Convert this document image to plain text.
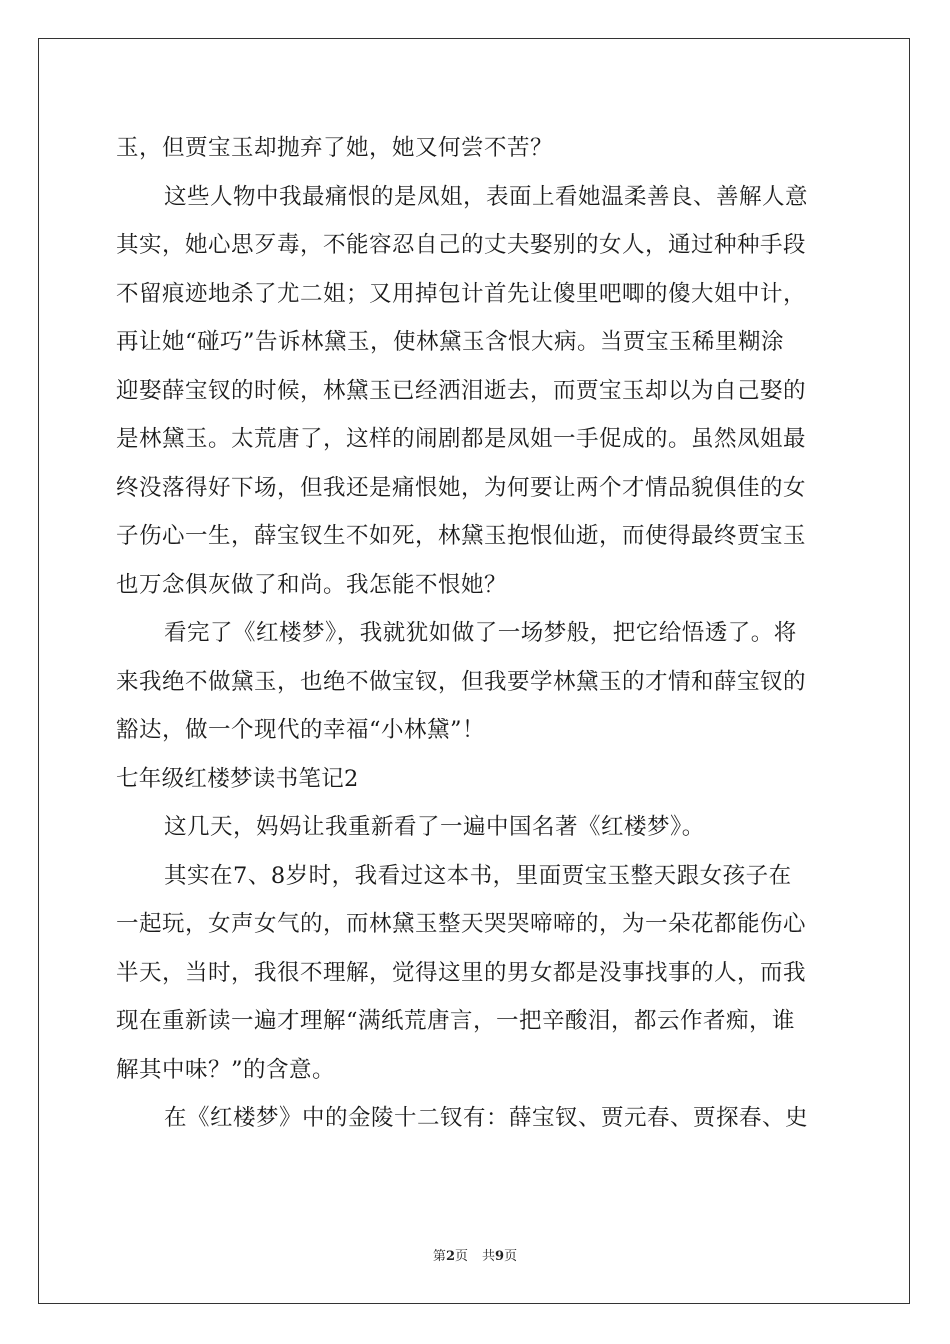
玉，但贾宝玉却抛弃了她，她又何尝不苦？
这些人物中我最痛恨的是凤姐，表面上看她温柔善良、善解人意
其实，她心思歹毒，不能容忍自己的丈夫娶别的女人，通过种种手段
不留痕迹地杀了尤二姐；又用掉包计首先让傻里吧唧的傻大姐中计，
再让她“碰巧”告诉林黛玉，使林黛玉含恨大病。当贾宝玉稀里糊涂
迎娶薛宝钗的时候，林黛玉已经洒泪逝去，而贾宝玉却以为自己娶的
是林黛玉。太荒唐了，这样的闹剧都是凤姐一手促成的。虽然凤姐最
终没落得好下场，但我还是痛恨她，为何要让两个才情品貌俱佳的女
子伤心一生，薛宝钗生不如死，林黛玉抱恨仙逝，而使得最终贾宝玉
也万念俱灰做了和尚。我怎能不恨她？
看完了《红楼梦》，我就犹如做了一场梦般，把它给悟透了。将
来我绝不做黛玉，也绝不做宝钗，但我要学林黛玉的才情和薛宝钗的
豁达，做一个现代的幸福“小林黛”！
七年级红楼梦读书笔记2
这几天，妈妈让我重新看了一遍中国名著《红楼梦》。
其实在7、8岁时，我看过这本书，里面贾宝玉整天跟女孩子在
一起玩，女声女气的，而林黛玉整天哭哭啼啼的，为一朵花都能伤心
半天，当时，我很不理解，觉得这里的男女都是没事找事的人，而我
现在重新读一遍才理解“满纸荒唐言，一把辛酸泪，都云作者痴，谁
解其中味？”的含意。
在《红楼梦》中的金陵十二钗有：薛宝钗、贾元春、贾探春、史
第2页 共9页
